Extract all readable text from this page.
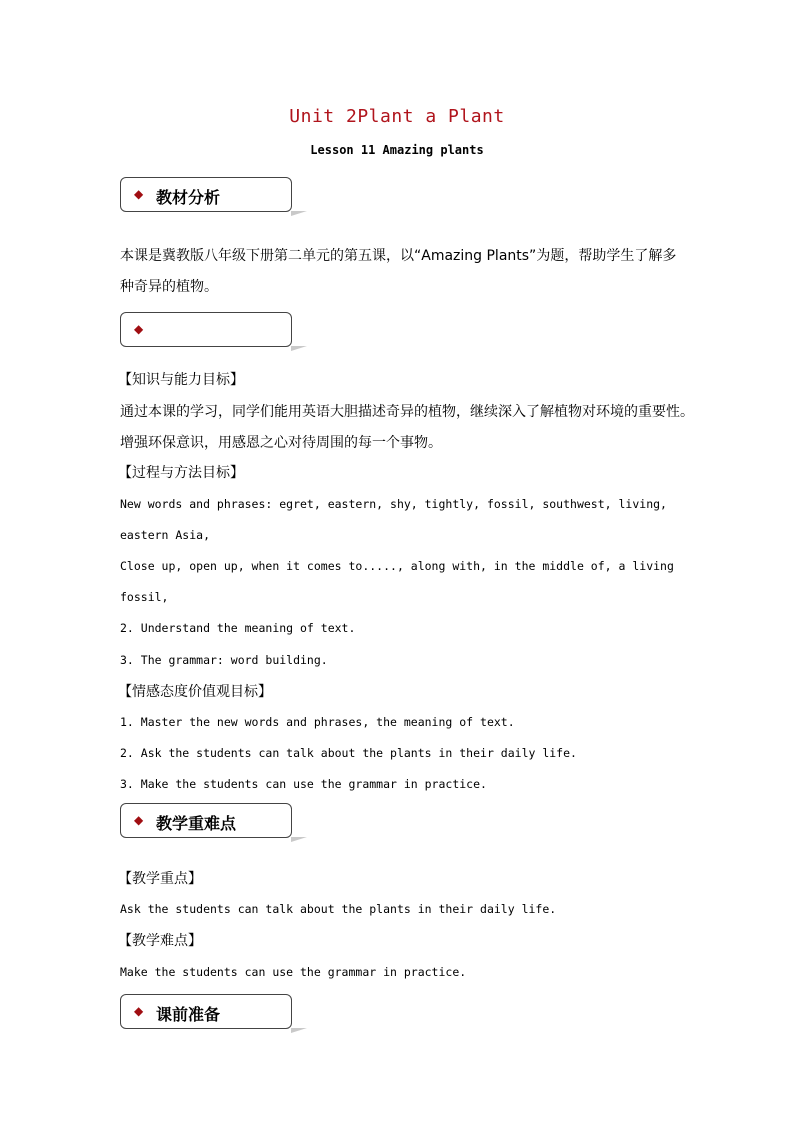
Unit 2Plant a Plant
Lesson 11 Amazing plants
◆ 教材分析
本课是冀教版八年级下册第二单元的第五课，以“Amazing Plants”为题，帮助学生了解多
种奇异的植物。
◆
【知识与能力目标】
通过本课的学习，同学们能用英语大胆描述奇异的植物，继续深入了解植物对环境的重要性。
增强环保意识，用感恩之心对待周围的每一个事物。
【过程与方法目标】
New words and phrases: egret, eastern, shy, tightly, fossil, southwest, living,
eastern Asia,
Close up, open up, when it comes to....., along with, in the middle of, a living
fossil,
2. Understand the meaning of text.
3. The grammar: word building.
【情感态度价值观目标】
1. Master the new words and phrases, the meaning of text.
2. Ask the students can talk about the plants in their daily life.
3. Make the students can use the grammar in practice.
◆ 教学重难点
【教学重点】
Ask the students can talk about the plants in their daily life.
【教学难点】
Make the students can use the grammar in practice.
◆ 课前准备
